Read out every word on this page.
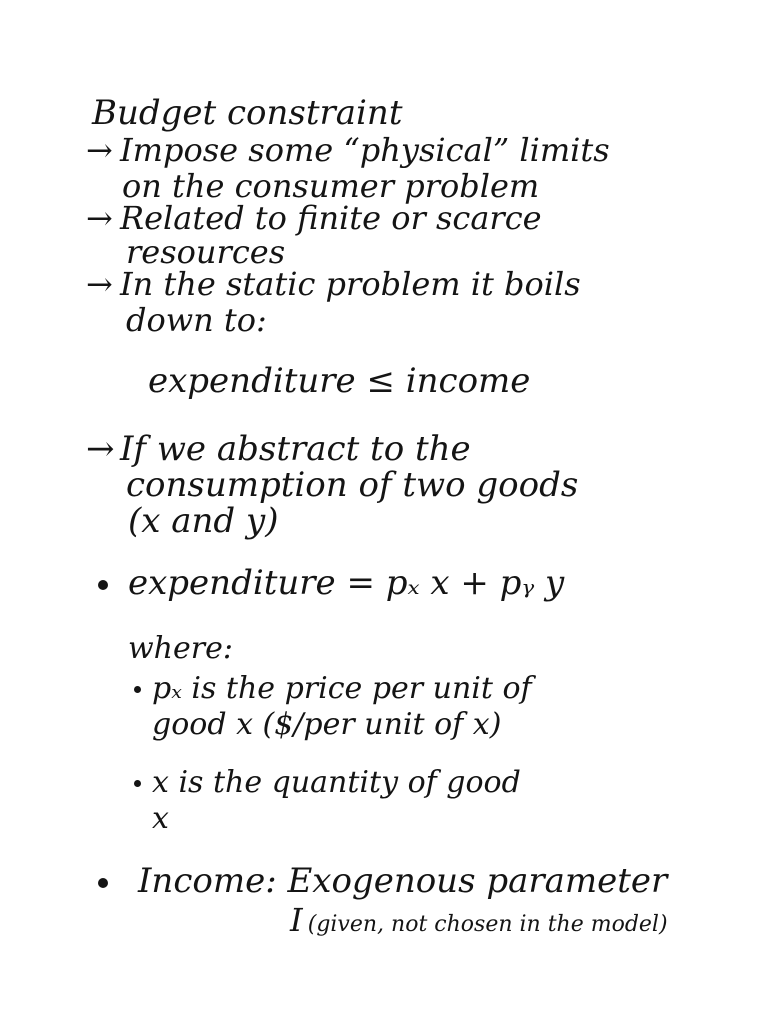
Budget constraint
→ Impose some “physical” limits
on the consumer problem
→ Related to finite or scarce
resources
→ In the static problem it boils
down to:
expenditure ≤ income
→ If we abstract to the
consumption of two goods
(x and y)
expenditure = pₓ x + pᵧ y
where:
pₓ is the price per unit of
good x ($/per unit of x)
x is the quantity of good
x
Income: Exogenous parameter
I (given, not chosen in the model)
